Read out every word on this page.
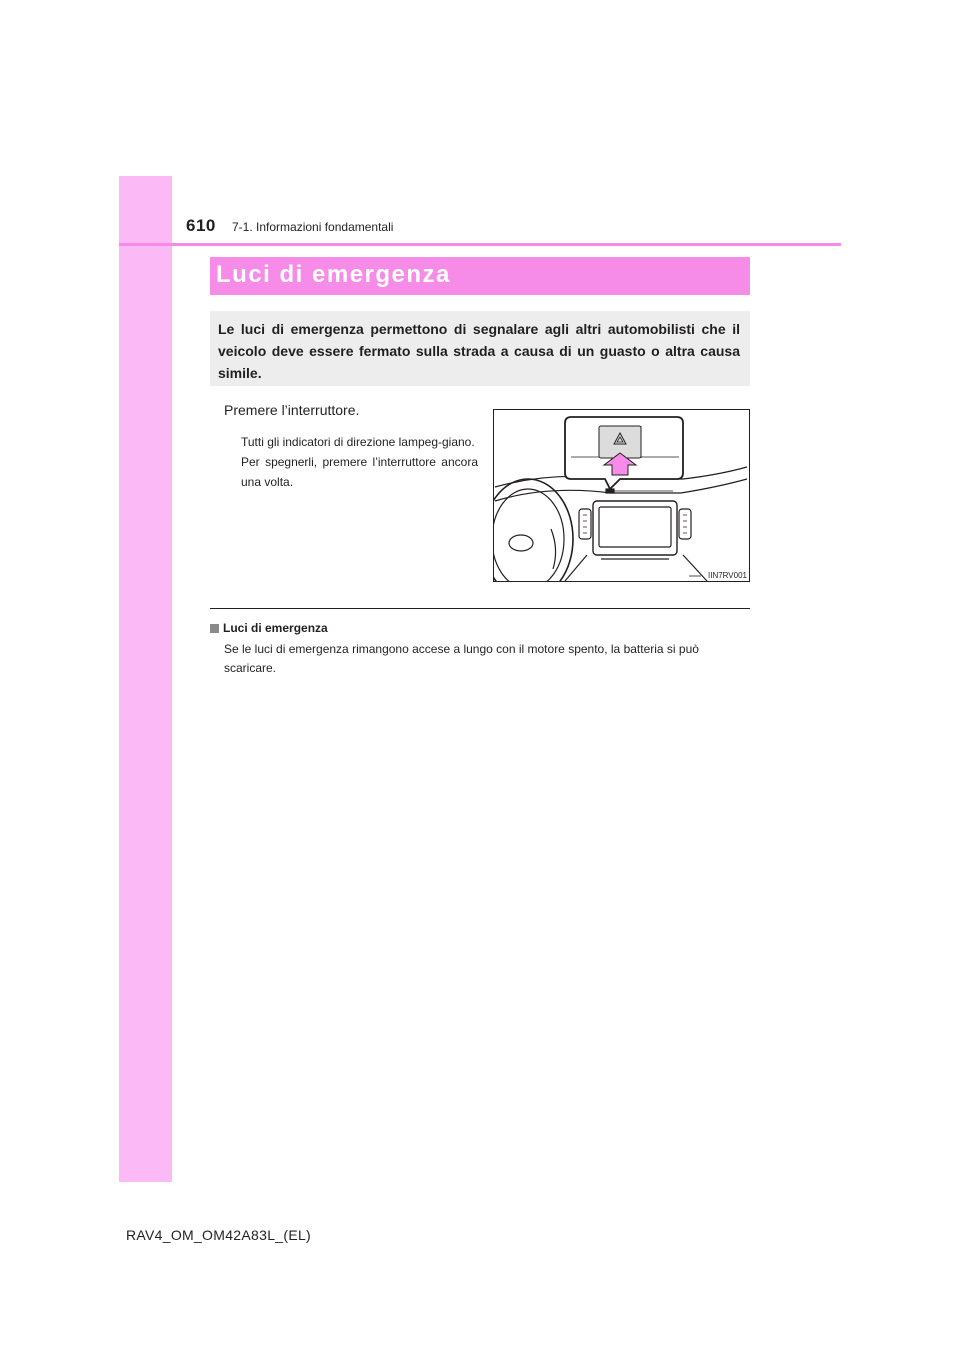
610 7-1. Informazioni fondamentali
Luci di emergenza
Le luci di emergenza permettono di segnalare agli altri automobilisti che il veicolo deve essere fermato sulla strada a causa di un guasto o altra causa simile.
Premere l’interruttore.
Tutti gli indicatori di direzione lampeg-giano.
Per spegnerli, premere l’interruttore ancora una volta.
IIN7RV001
Luci di emergenza
Se le luci di emergenza rimangono accese a lungo con il motore spento, la batteria si può scaricare.
RAV4_OM_OM42A83L_(EL)
